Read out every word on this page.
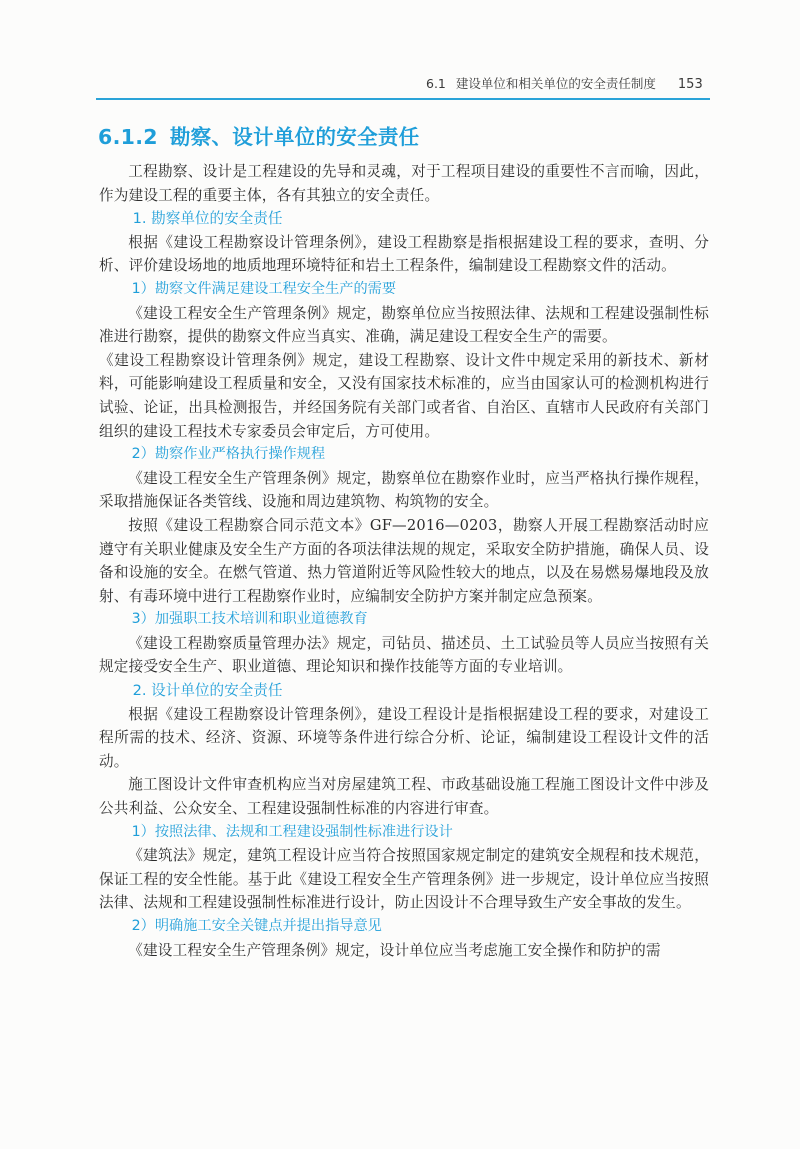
6.1 建设单位和相关单位的安全责任制度 153
6.1.2 勘察、设计单位的安全责任

工程勘察、设计是工程建设的先导和灵魂，对于工程项目建设的重要性不言而喻，因此，作为建设工程的重要主体，各有其独立的安全责任。

1. 勘察单位的安全责任

根据《建设工程勘察设计管理条例》，建设工程勘察是指根据建设工程的要求，查明、分析、评价建设场地的地质地理环境特征和岩土工程条件，编制建设工程勘察文件的活动。

1）勘察文件满足建设工程安全生产的需要

《建设工程安全生产管理条例》规定，勘察单位应当按照法律、法规和工程建设强制性标准进行勘察，提供的勘察文件应当真实、准确，满足建设工程安全生产的需要。

《建设工程勘察设计管理条例》规定，建设工程勘察、设计文件中规定采用的新技术、新材料，可能影响建设工程质量和安全，又没有国家技术标准的，应当由国家认可的检测机构进行试验、论证，出具检测报告，并经国务院有关部门或者省、自治区、直辖市人民政府有关部门组织的建设工程技术专家委员会审定后，方可使用。

2）勘察作业严格执行操作规程

《建设工程安全生产管理条例》规定，勘察单位在勘察作业时，应当严格执行操作规程，采取措施保证各类管线、设施和周边建筑物、构筑物的安全。

按照《建设工程勘察合同示范文本》GF—2016—0203，勘察人开展工程勘察活动时应遵守有关职业健康及安全生产方面的各项法律法规的规定，采取安全防护措施，确保人员、设备和设施的安全。在燃气管道、热力管道附近等风险性较大的地点，以及在易燃易爆地段及放射、有毒环境中进行工程勘察作业时，应编制安全防护方案并制定应急预案。

3）加强职工技术培训和职业道德教育

《建设工程勘察质量管理办法》规定，司钻员、描述员、土工试验员等人员应当按照有关规定接受安全生产、职业道德、理论知识和操作技能等方面的专业培训。

2. 设计单位的安全责任

根据《建设工程勘察设计管理条例》，建设工程设计是指根据建设工程的要求，对建设工程所需的技术、经济、资源、环境等条件进行综合分析、论证，编制建设工程设计文件的活动。

施工图设计文件审查机构应当对房屋建筑工程、市政基础设施工程施工图设计文件中涉及公共利益、公众安全、工程建设强制性标准的内容进行审查。

1）按照法律、法规和工程建设强制性标准进行设计

《建筑法》规定，建筑工程设计应当符合按照国家规定制定的建筑安全规程和技术规范，保证工程的安全性能。基于此《建设工程安全生产管理条例》进一步规定，设计单位应当按照法律、法规和工程建设强制性标准进行设计，防止因设计不合理导致生产安全事故的发生。

2）明确施工安全关键点并提出指导意见

《建设工程安全生产管理条例》规定，设计单位应当考虑施工安全操作和防护的需
